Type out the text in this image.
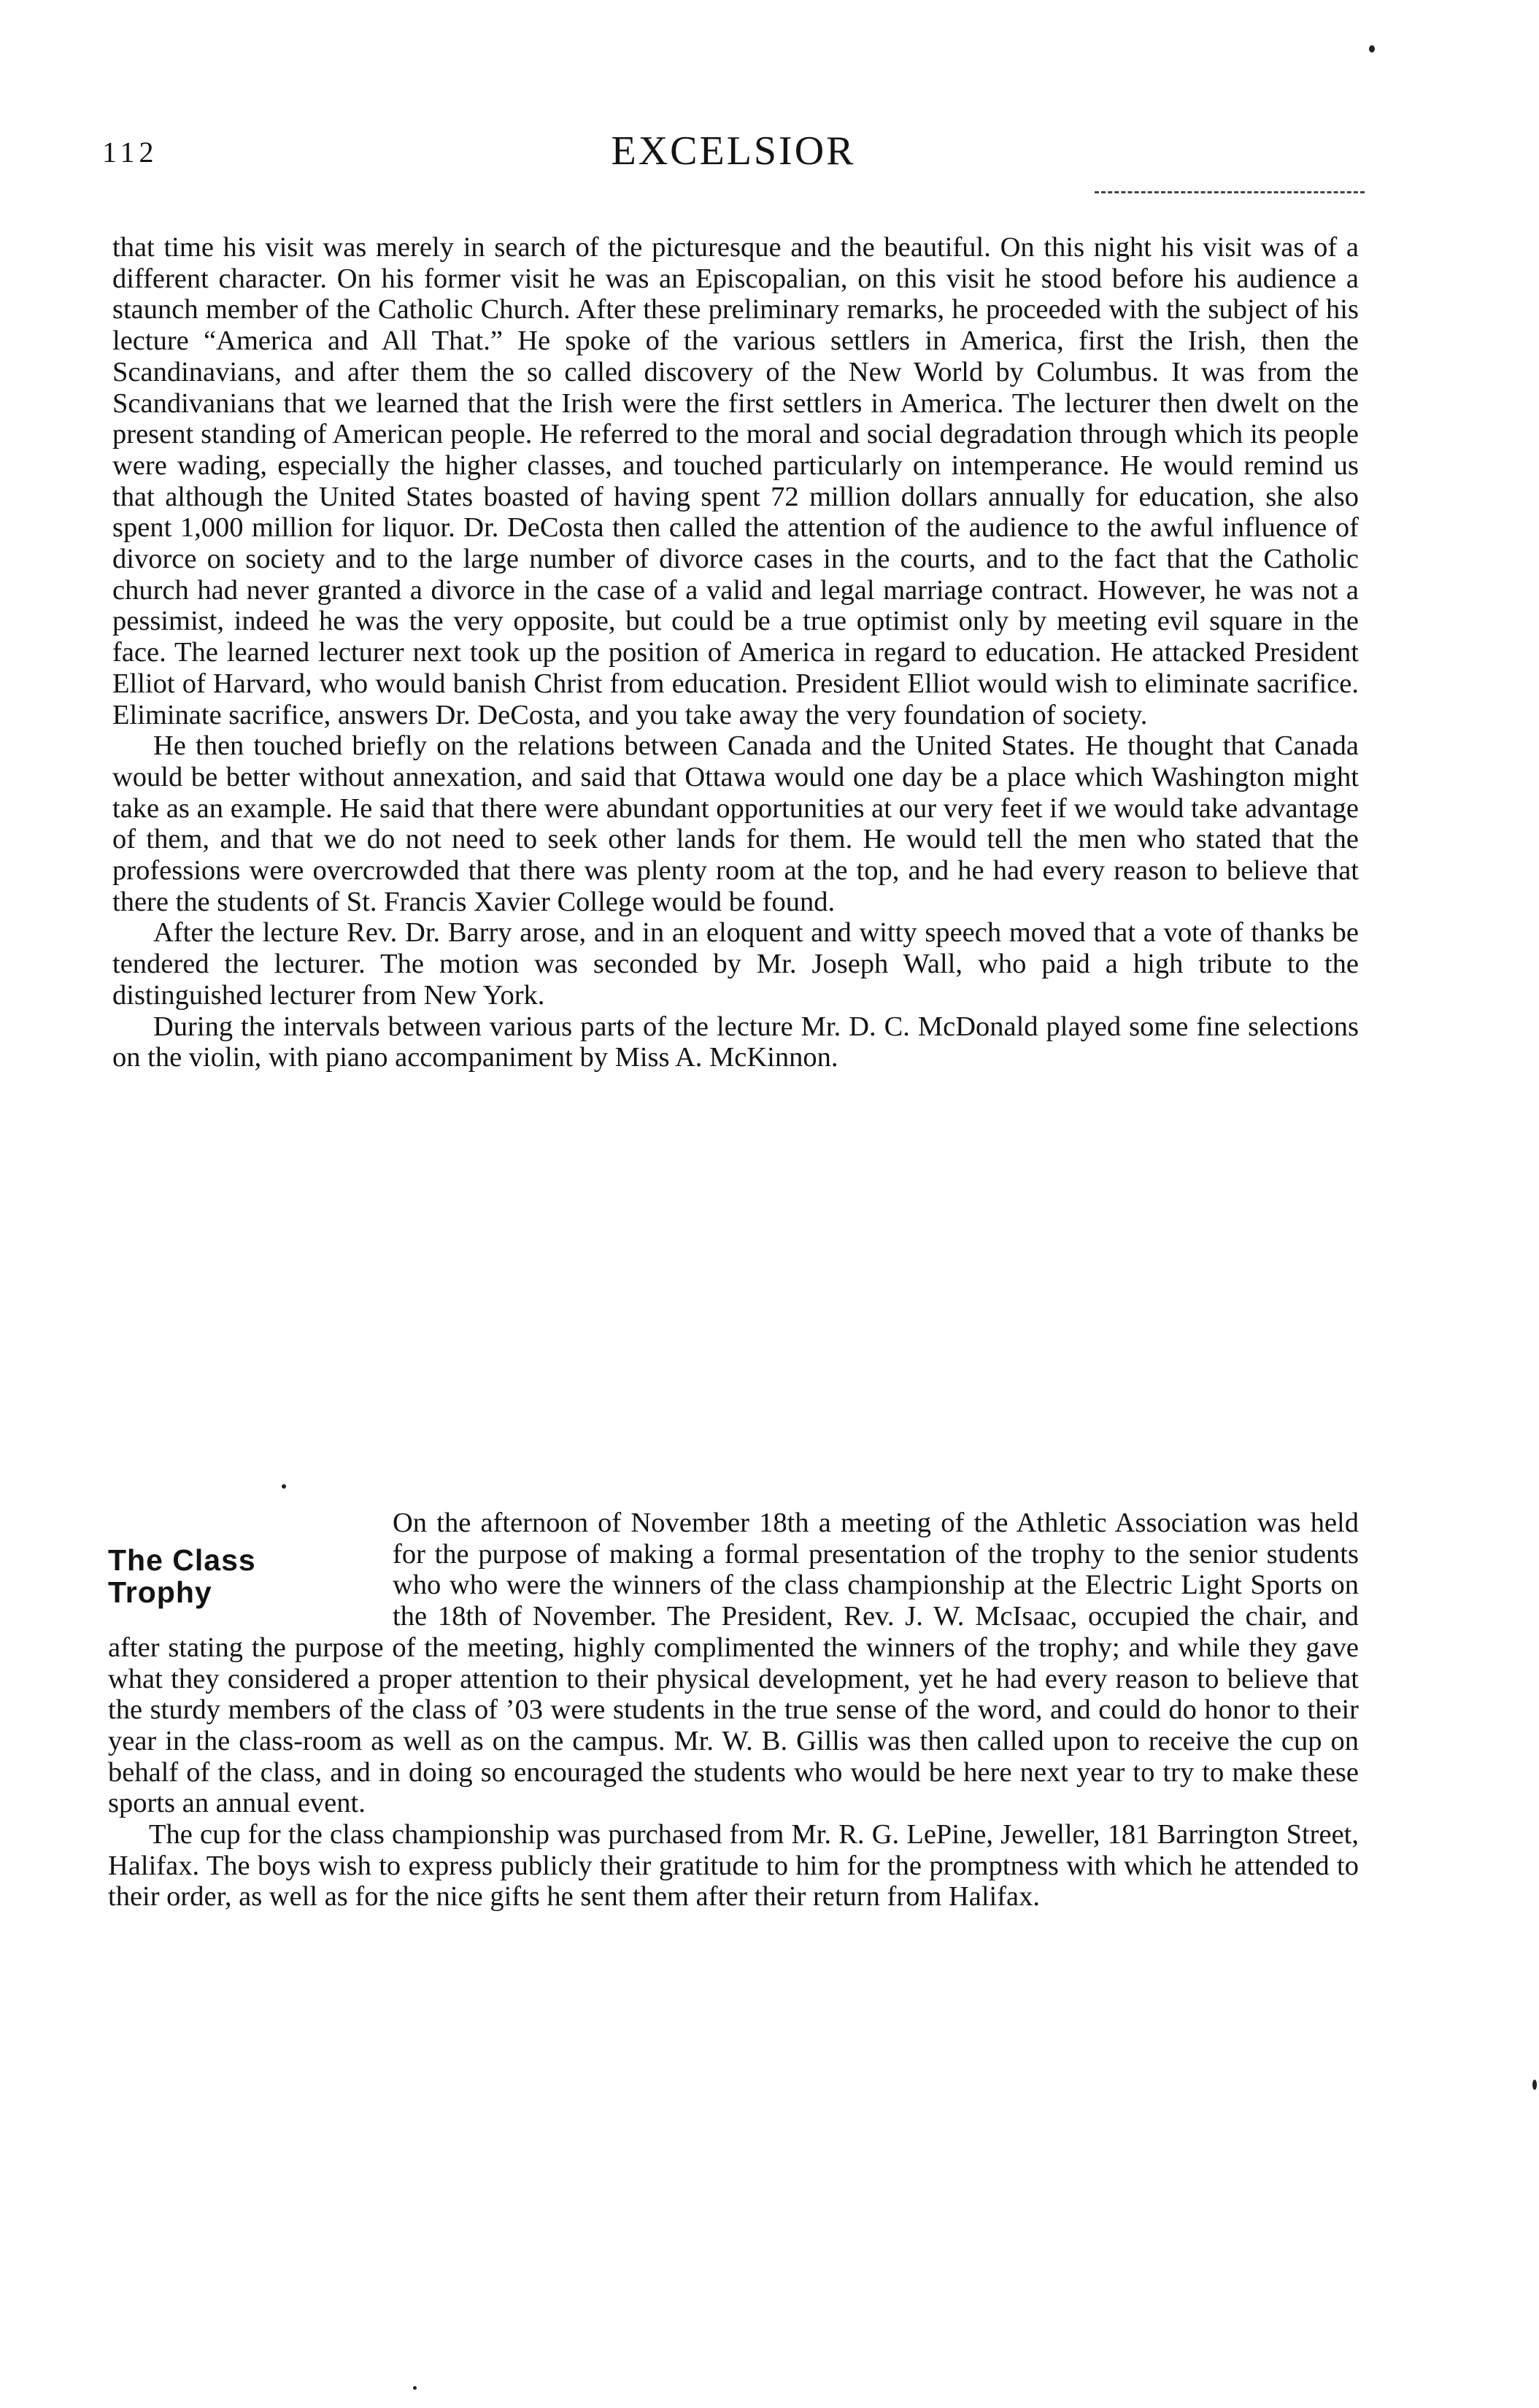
112	EXCELSIOR

that time his visit was merely in search of the picturesque and the beautiful. On this night his visit was of a different character. On his former visit he was an Episcopalian, on this visit he stood before his audience a staunch member of the Catholic Church. After these preliminary remarks, he proceeded with the subject of his lecture “America and All That.” He spoke of the various settlers in America, first the Irish, then the Scandinavians, and after them the so called discovery of the New World by Columbus. It was from the Scandivanians that we learned that the Irish were the first settlers in America. The lecturer then dwelt on the present standing of American people. He referred to the moral and social degradation through which its people were wading, especially the higher classes, and touched particularly on intemperance. He would remind us that although the United States boasted of having spent 72 million dollars annually for education, she also spent 1,000 million for liquor. Dr. DeCosta then called the attention of the audience to the awful influence of divorce on society and to the large number of divorce cases in the courts, and to the fact that the Catholic church had never granted a divorce in the case of a valid and legal marriage contract. However, he was not a pessimist, indeed he was the very opposite, but could be a true optimist only by meeting evil square in the face. The learned lecturer next took up the position of America in regard to education. He attacked President Elliot of Harvard, who would banish Christ from education. President Elliot would wish to eliminate sacrifice. Eliminate sacrifice, answers Dr. DeCosta, and you take away the very foundation of society.

He then touched briefly on the relations between Canada and the United States. He thought that Canada would be better without annexation, and said that Ottawa would one day be a place which Washington might take as an example. He said that there were abundant opportunities at our very feet if we would take advantage of them, and that we do not need to seek other lands for them. He would tell the men who stated that the professions were overcrowded that there was plenty room at the top, and he had every reason to believe that there the students of St. Francis Xavier College would be found.

After the lecture Rev. Dr. Barry arose, and in an eloquent and witty speech moved that a vote of thanks be tendered the lecturer. The motion was seconded by Mr. Joseph Wall, who paid a high tribute to the distinguished lecturer from New York.

During the intervals between various parts of the lecture Mr. D. C. McDonald played some fine selections on the violin, with piano accompaniment by Miss A. McKinnon.

The Class
Trophy

On the afternoon of November 18th a meeting of the Athletic Association was held for the purpose of making a formal presentation of the trophy to the senior students who who were the winners of the class championship at the Electric Light Sports on the 18th of November. The President, Rev. J. W. McIsaac, occupied the chair, and after stating the purpose of the meeting, highly complimented the winners of the trophy; and while they gave what they considered a proper attention to their physical development, yet he had every reason to believe that the sturdy members of the class of ’03 were students in the true sense of the word, and could do honor to their year in the class-room as well as on the campus. Mr. W. B. Gillis was then called upon to receive the cup on behalf of the class, and in doing so encouraged the students who would be here next year to try to make these sports an annual event.

The cup for the class championship was purchased from Mr. R. G. LePine, Jeweller, 181 Barrington Street, Halifax. The boys wish to express publicly their gratitude to him for the promptness with which he attended to their order, as well as for the nice gifts he sent them after their return from Halifax.
